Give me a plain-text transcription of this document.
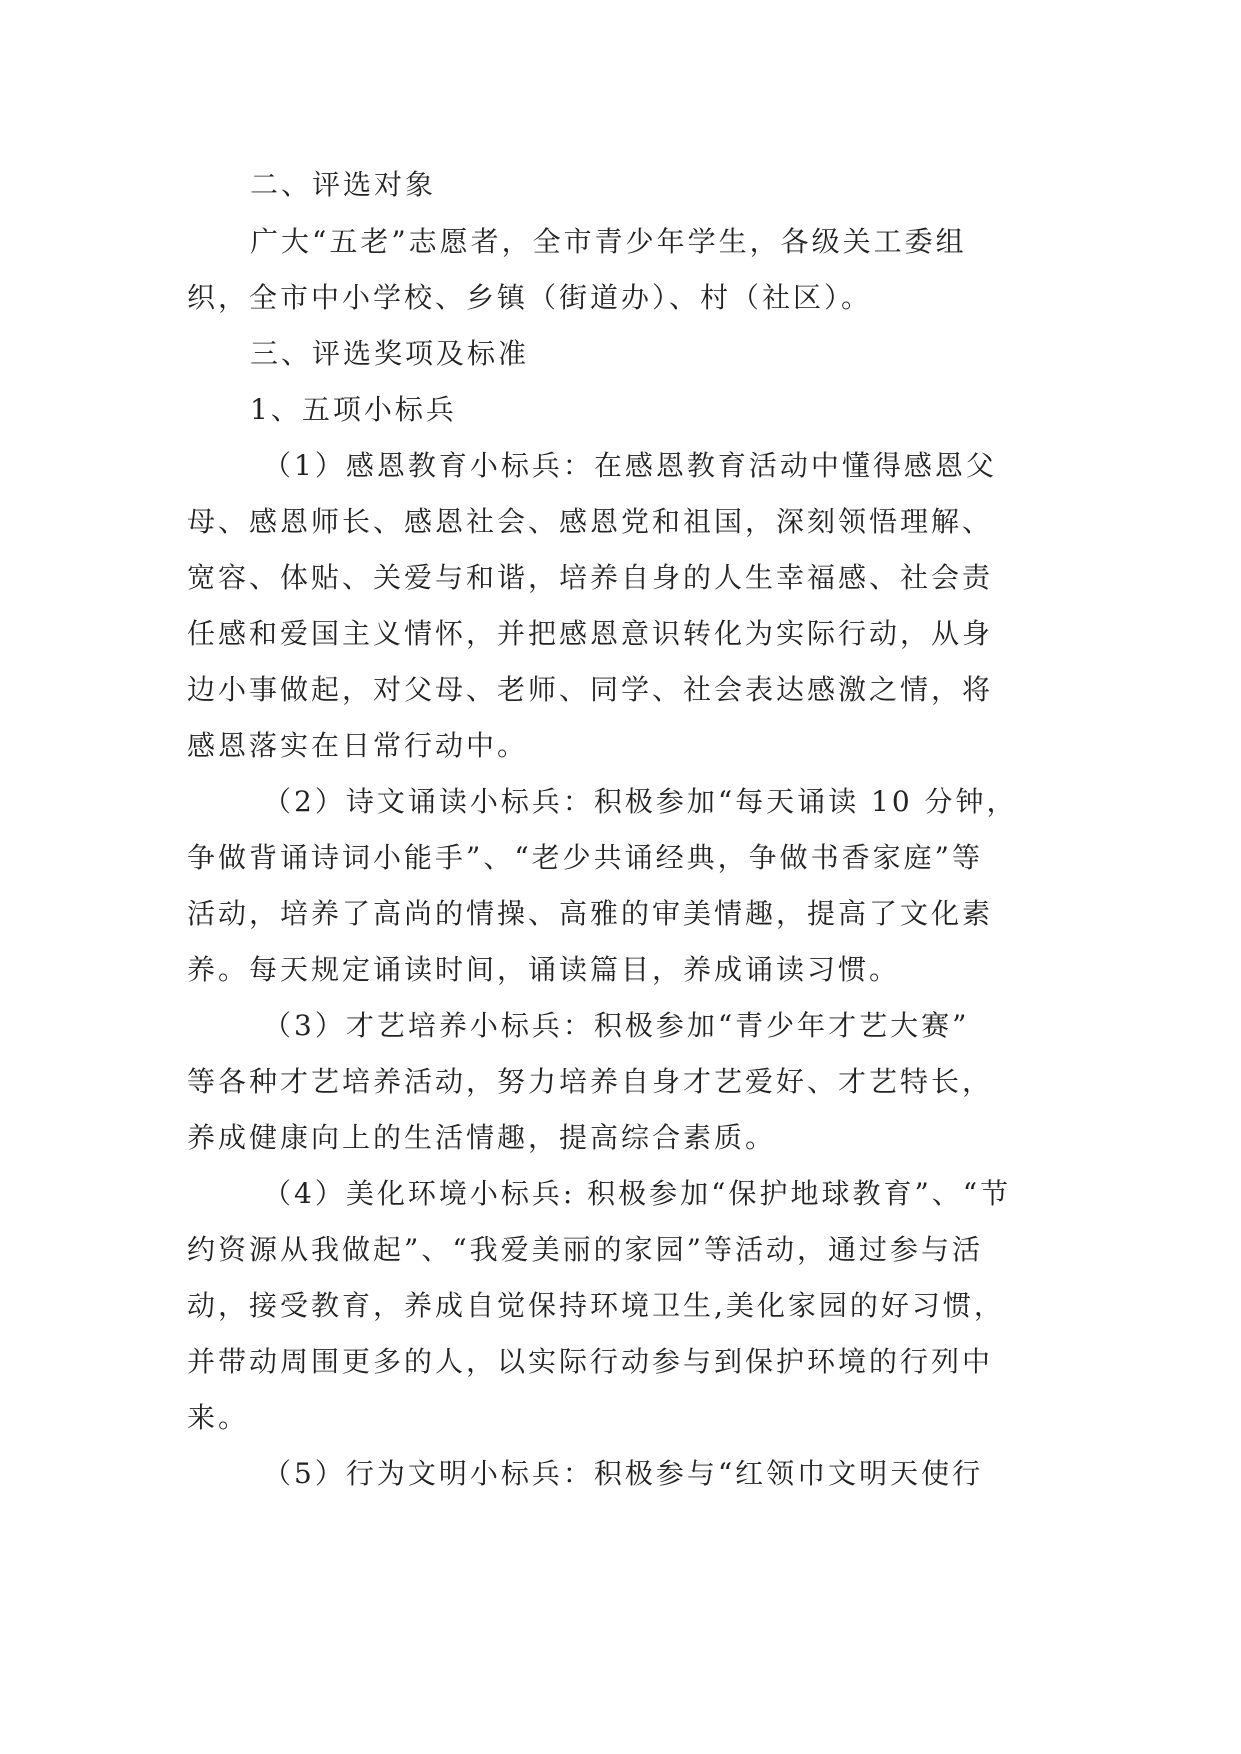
二、评选对象
广大“五老”志愿者，全市青少年学生，各级关工委组
织，全市中小学校、乡镇（街道办）、村（社区）。
三、评选奖项及标准
1、五项小标兵
（1）感恩教育小标兵：在感恩教育活动中懂得感恩父
母、感恩师长、感恩社会、感恩党和祖国，深刻领悟理解、
宽容、体贴、关爱与和谐，培养自身的人生幸福感、社会责
任感和爱国主义情怀，并把感恩意识转化为实际行动，从身
边小事做起，对父母、老师、同学、社会表达感激之情，将
感恩落实在日常行动中。
（2）诗文诵读小标兵：积极参加“每天诵读 10 分钟，
争做背诵诗词小能手”、“老少共诵经典，争做书香家庭”等
活动，培养了高尚的情操、高雅的审美情趣，提高了文化素
养。每天规定诵读时间，诵读篇目，养成诵读习惯。
（3）才艺培养小标兵：积极参加“青少年才艺大赛”
等各种才艺培养活动，努力培养自身才艺爱好、才艺特长，
养成健康向上的生活情趣，提高综合素质。
（4）美化环境小标兵: 积极参加“保护地球教育”、“节
约资源从我做起”、“我爱美丽的家园”等活动，通过参与活
动，接受教育，养成自觉保持环境卫生,美化家园的好习惯，
并带动周围更多的人，以实际行动参与到保护环境的行列中
来。
（5）行为文明小标兵：积极参与“红领巾文明天使行
